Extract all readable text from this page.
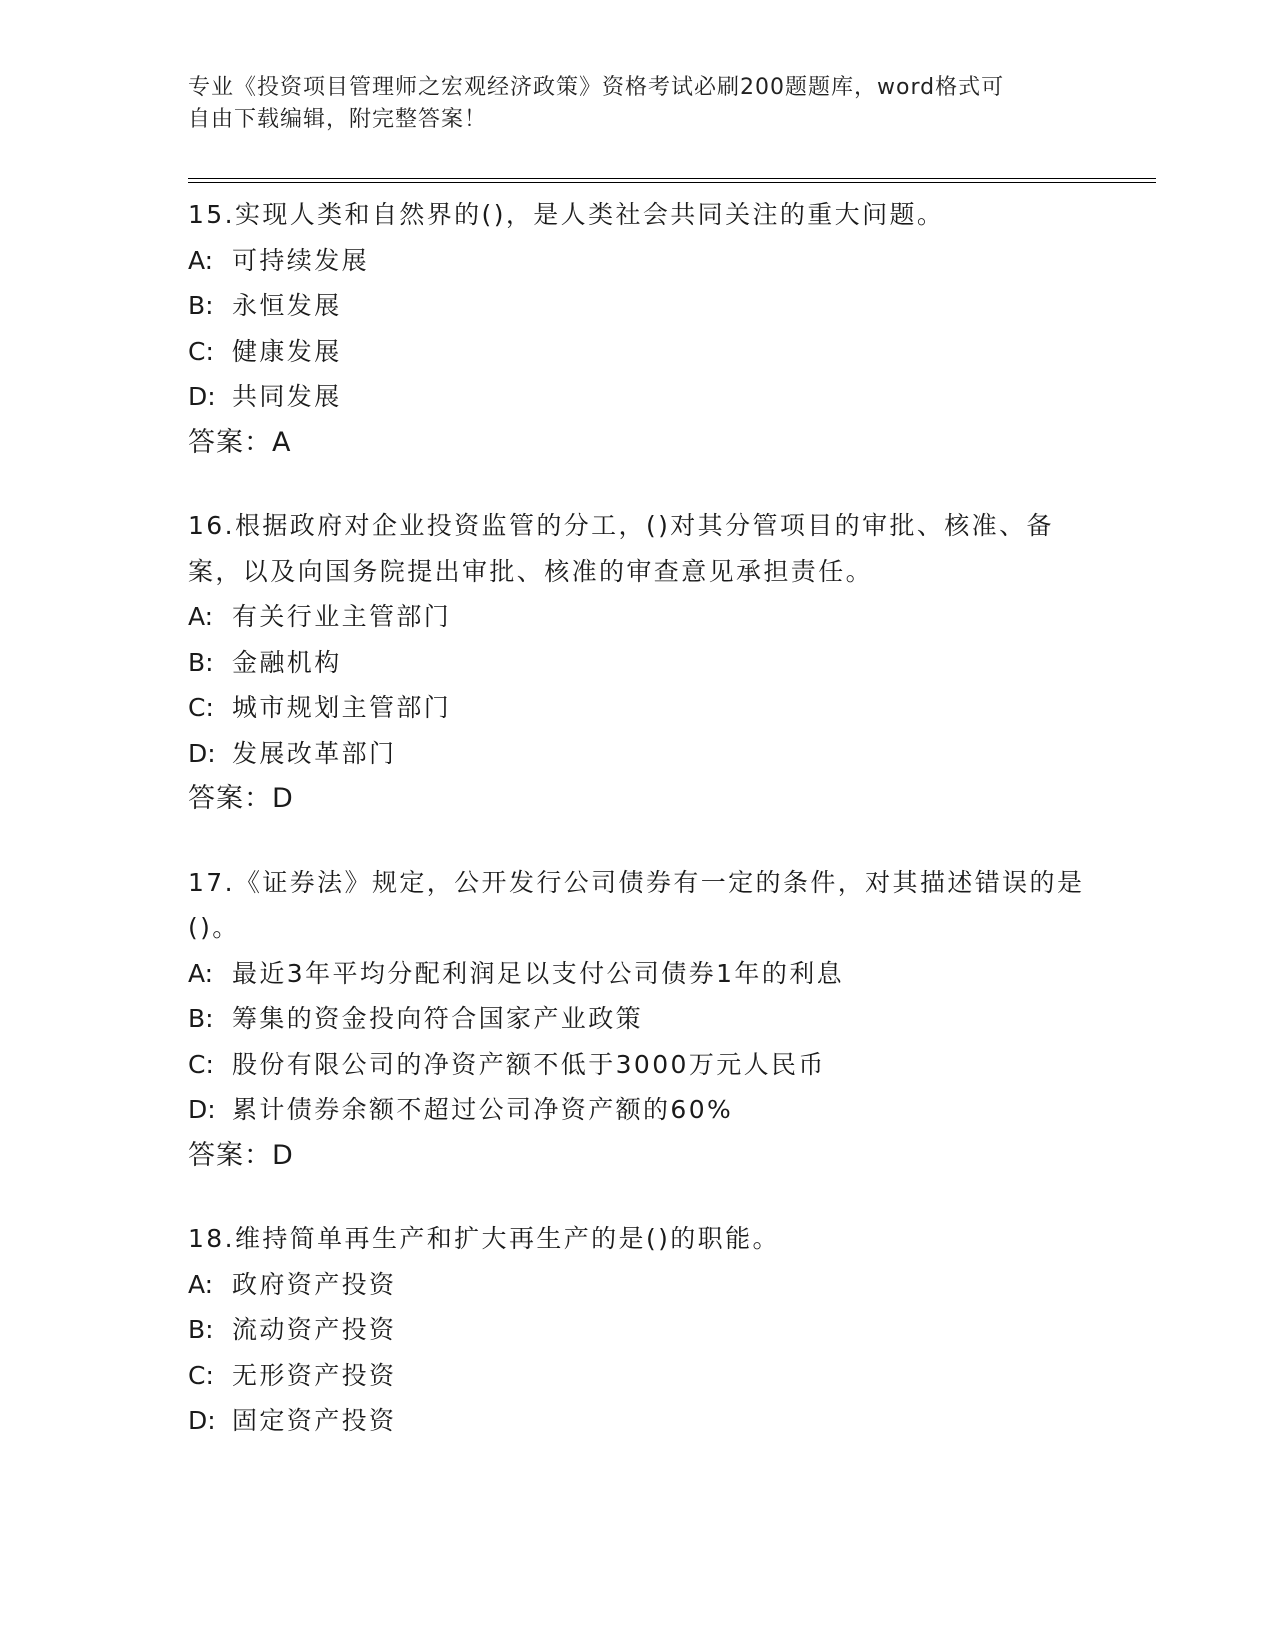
专业《投资项目管理师之宏观经济政策》资格考试必刷200题题库，word格式可
自由下载编辑，附完整答案！
15.实现人类和自然界的()，是人类社会共同关注的重大问题。
A: 可持续发展
B: 永恒发展
C: 健康发展
D: 共同发展
答案：A
16.根据政府对企业投资监管的分工，()对其分管项目的审批、核准、备案，以及向国务院提出审批、核准的审查意见承担责任。
A: 有关行业主管部门
B: 金融机构
C: 城市规划主管部门
D: 发展改革部门
答案：D
17.《证券法》规定，公开发行公司债券有一定的条件，对其描述错误的是()。
A: 最近3年平均分配利润足以支付公司债券1年的利息
B: 筹集的资金投向符合国家产业政策
C: 股份有限公司的净资产额不低于3000万元人民币
D: 累计债券余额不超过公司净资产额的60%
答案：D
18.维持简单再生产和扩大再生产的是()的职能。
A: 政府资产投资
B: 流动资产投资
C: 无形资产投资
D: 固定资产投资
